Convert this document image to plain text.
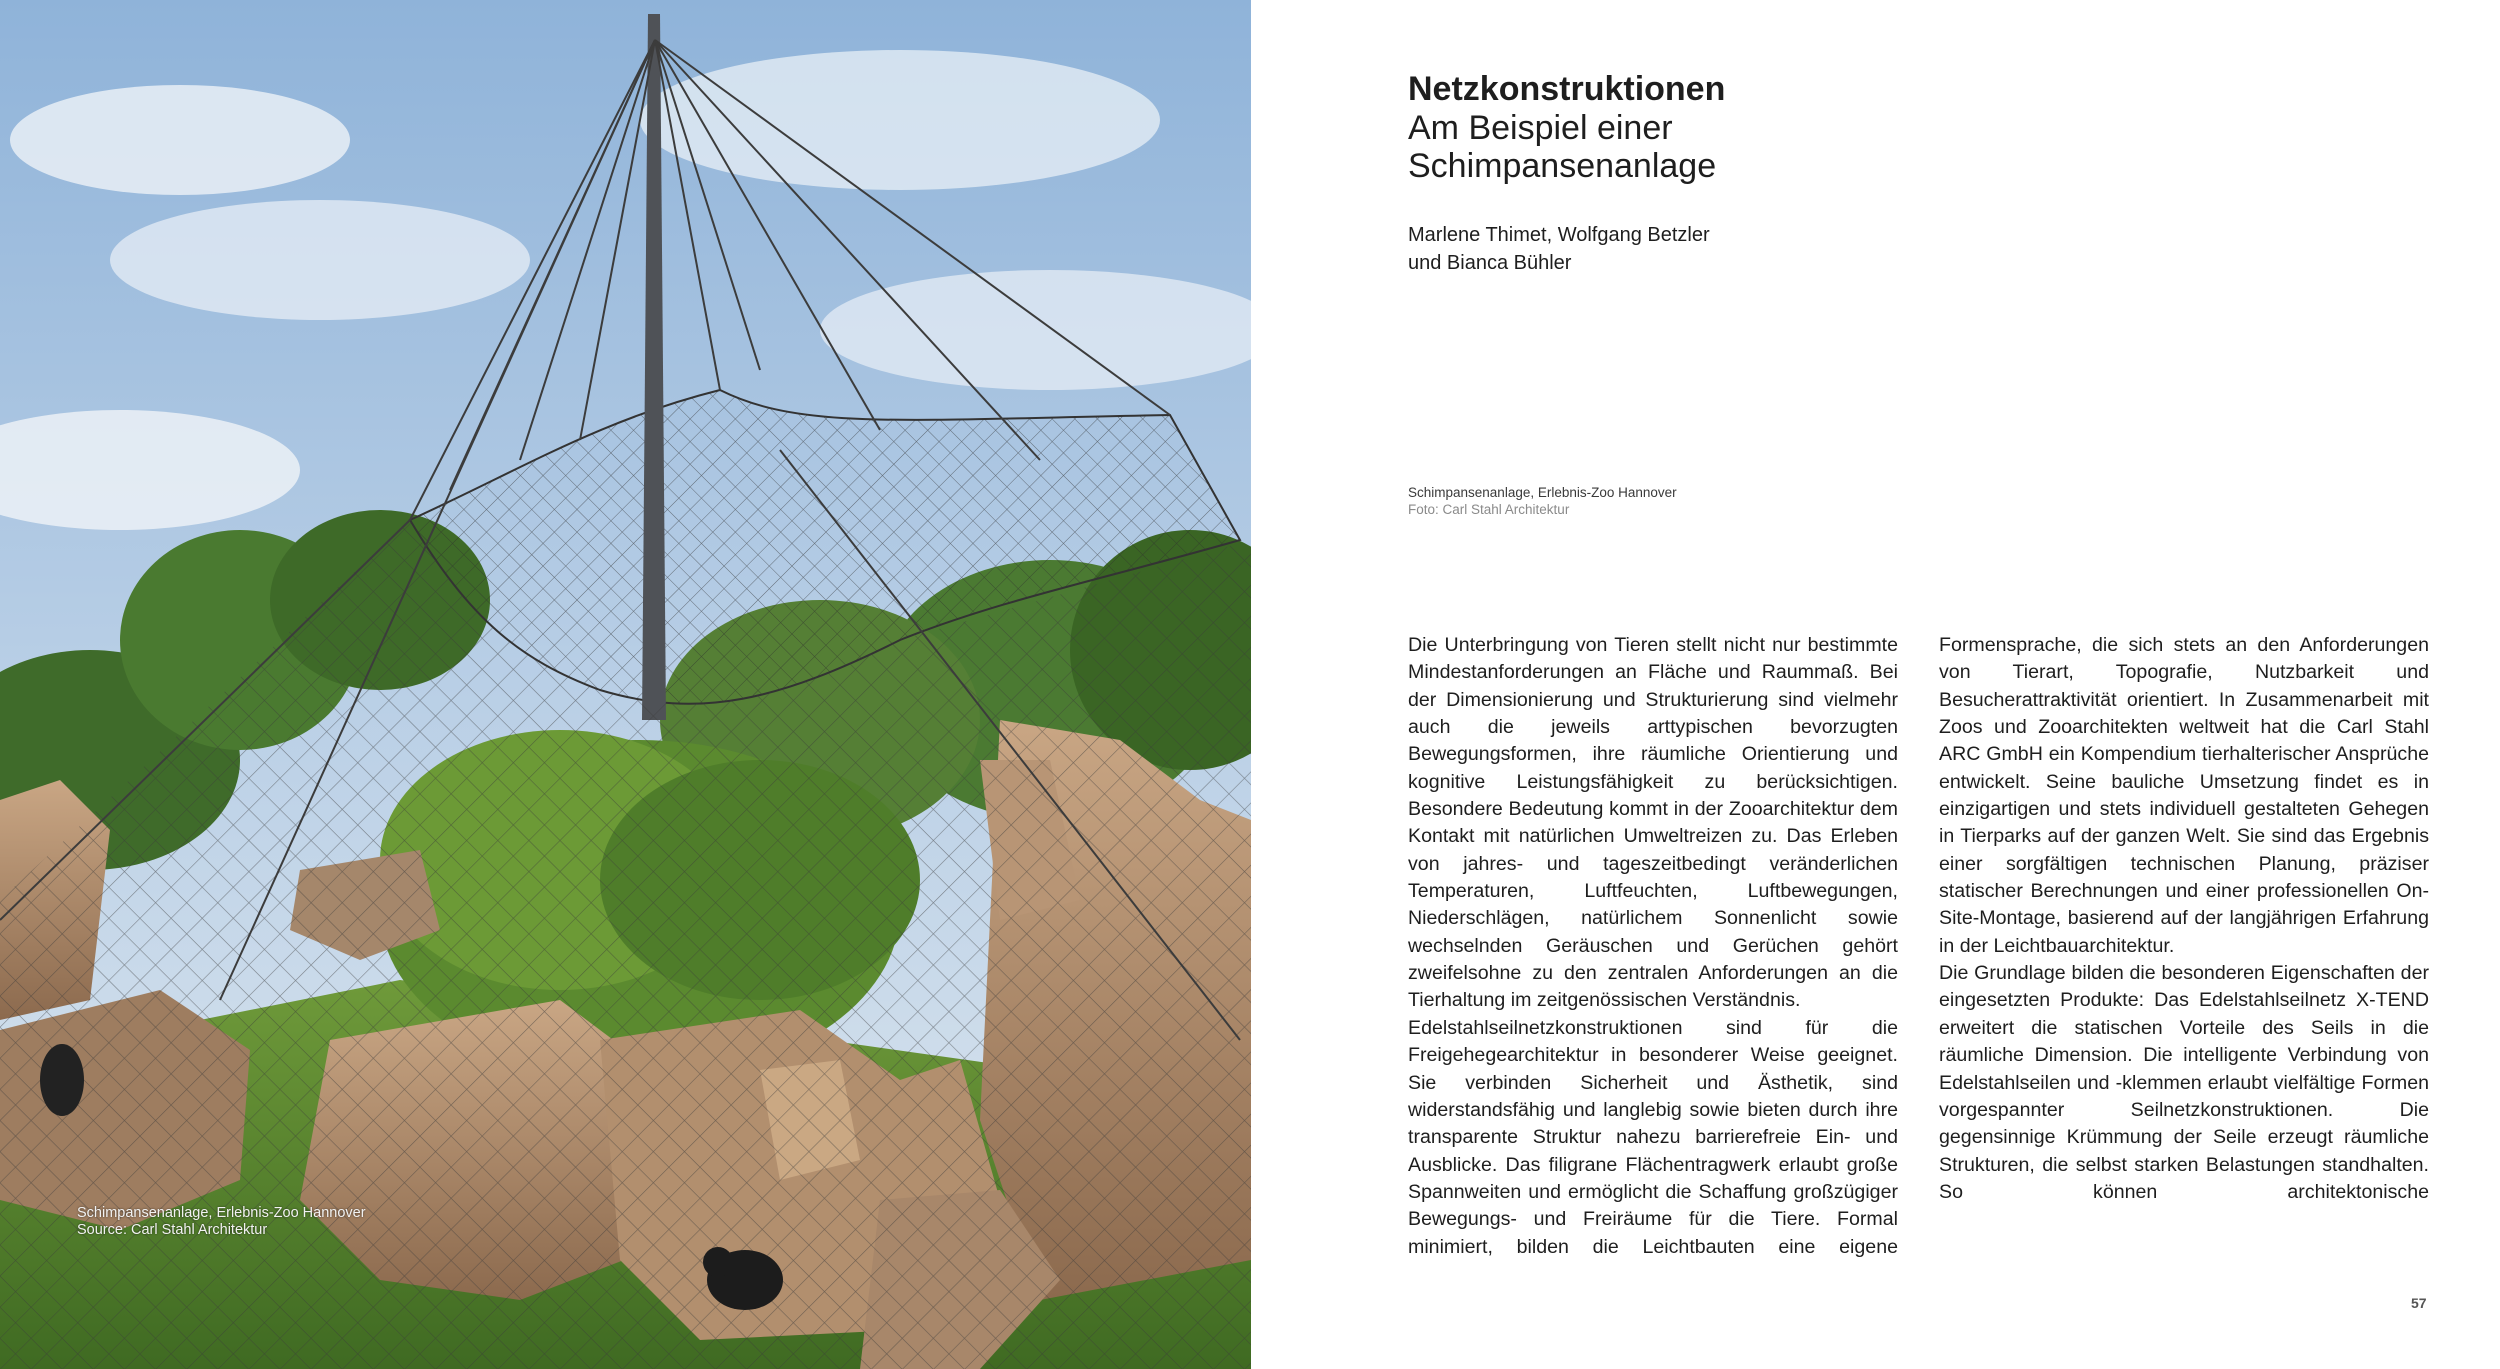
Schimpansenanlage, Erlebnis-Zoo Hannover
Source: Carl Stahl Architektur
Netzkonstruktionen
Am Beispiel einer
Schimpansenanlage
Marlene Thimet, Wolfgang Betzler
und Bianca Bühler
Schimpansenanlage, Erlebnis-Zoo Hannover
Foto: Carl Stahl Architektur

Die Unterbringung von Tieren stellt nicht nur bestimmte Mindestanforderungen an Fläche und Raummaß. Bei der Dimensionierung und Strukturierung sind vielmehr auch die jeweils arttypischen bevorzugten Bewegungsformen, ihre räumliche Orientierung und kognitive Leistungsfähigkeit zu berücksichtigen. Besondere Bedeutung kommt in der Zooarchitektur dem Kontakt mit natürlichen Umweltreizen zu. Das Erleben von jahres- und tageszeitbedingt veränderlichen Temperaturen, Luftfeuchten, Luftbewegungen, Niederschlägen, natürlichem Sonnenlicht sowie wechselnden Geräuschen und Gerüchen gehört zweifelsohne zu den zentralen Anforderungen an die Tierhaltung im zeitgenössischen Verständnis.

Edelstahlseilnetzkonstruktionen sind für die Freigehegearchitektur in besonderer Weise geeignet. Sie verbinden Sicherheit und Ästhetik, sind widerstandsfähig und langlebig sowie bieten durch ihre transparente Struktur nahezu barrierefreie Ein- und Ausblicke. Das filigrane Flächentragwerk erlaubt große Spannweiten und ermöglicht die Schaffung großzügiger Bewegungs- und Freiräume für die Tiere. Formal minimiert, bilden die Leichtbauten eine eigene

Formensprache, die sich stets an den Anforderungen von Tierart, Topografie, Nutzbarkeit und Besucherattraktivität orientiert. In Zusammenarbeit mit Zoos und Zooarchitekten weltweit hat die Carl Stahl ARC GmbH ein Kompendium tierhalterischer Ansprüche entwickelt. Seine bauliche Umsetzung findet es in einzigartigen und stets individuell gestalteten Gehegen in Tierparks auf der ganzen Welt. Sie sind das Ergebnis einer sorgfältigen technischen Planung, präziser statischer Berechnungen und einer professionellen On-Site-Montage, basierend auf der langjährigen Erfahrung in der Leichtbauarchitektur.

Die Grundlage bilden die besonderen Eigenschaften der eingesetzten Produkte: Das Edelstahlseilnetz X-TEND erweitert die statischen Vorteile des Seils in die räumliche Dimension. Die intelligente Verbindung von Edelstahlseilen und -klemmen erlaubt vielfältige Formen vorgespannter Seilnetzkonstruktionen. Die gegensinnige Krümmung der Seile erzeugt räumliche Strukturen, die selbst starken Belastungen standhalten. So können architektonische

57
